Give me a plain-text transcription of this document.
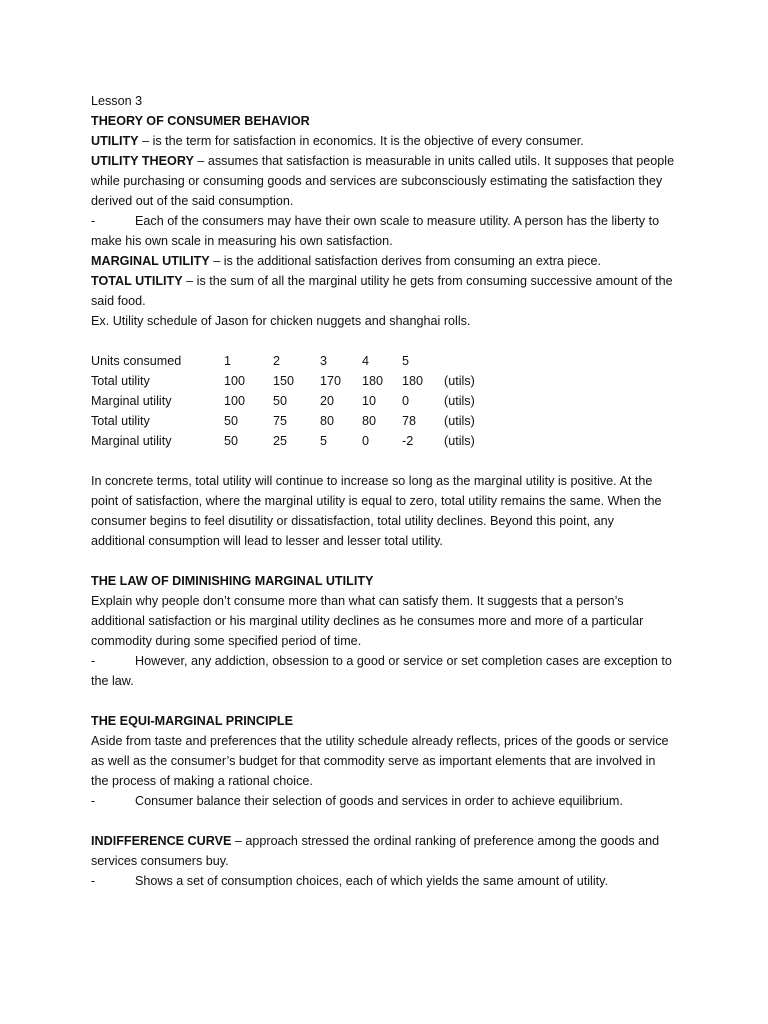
Lesson 3
THEORY OF CONSUMER BEHAVIOR
UTILITY – is the term for satisfaction in economics. It is the objective of every consumer.
UTILITY THEORY – assumes that satisfaction is measurable in units called utils. It supposes that people
while purchasing or consuming goods and services are subconsciously estimating the satisfaction they
derived out of the said consumption.
-	Each of the consumers may have their own scale to measure utility. A person has the liberty to
make his own scale in measuring his own satisfaction.
MARGINAL UTILITY – is the additional satisfaction derives from consuming an extra piece.
TOTAL UTILITY – is the sum of all the marginal utility he gets from consuming successive amount of the
said food.
Ex. Utility schedule of Jason for chicken nuggets and shanghai rolls.
Units consumed	1	2	3	4	5	
Total utility	100	150	170	180	180	(utils)
Marginal utility	100	50	20	10	0	(utils)
Total utility	50	75	80	80	78	(utils)
Marginal utility	50	25	5	0	-2	(utils)
In concrete terms, total utility will continue to increase so long as the marginal utility is positive. At the
point of satisfaction, where the marginal utility is equal to zero, total utility remains the same. When the
consumer begins to feel disutility or dissatisfaction, total utility declines. Beyond this point, any
additional consumption will lead to lesser and lesser total utility.
THE LAW OF DIMINISHING MARGINAL UTILITY
Explain why people don’t consume more than what can satisfy them. It suggests that a person’s
additional satisfaction or his marginal utility declines as he consumes more and more of a particular
commodity during some specified period of time.
-	However, any addiction, obsession to a good or service or set completion cases are exception to
the law.
THE EQUI-MARGINAL PRINCIPLE
Aside from taste and preferences that the utility schedule already reflects, prices of the goods or service
as well as the consumer’s budget for that commodity serve as important elements that are involved in
the process of making a rational choice.
-	Consumer balance their selection of goods and services in order to achieve equilibrium.
INDIFFERENCE CURVE – approach stressed the ordinal ranking of preference among the goods and
services consumers buy.
-	Shows a set of consumption choices, each of which yields the same amount of utility.
